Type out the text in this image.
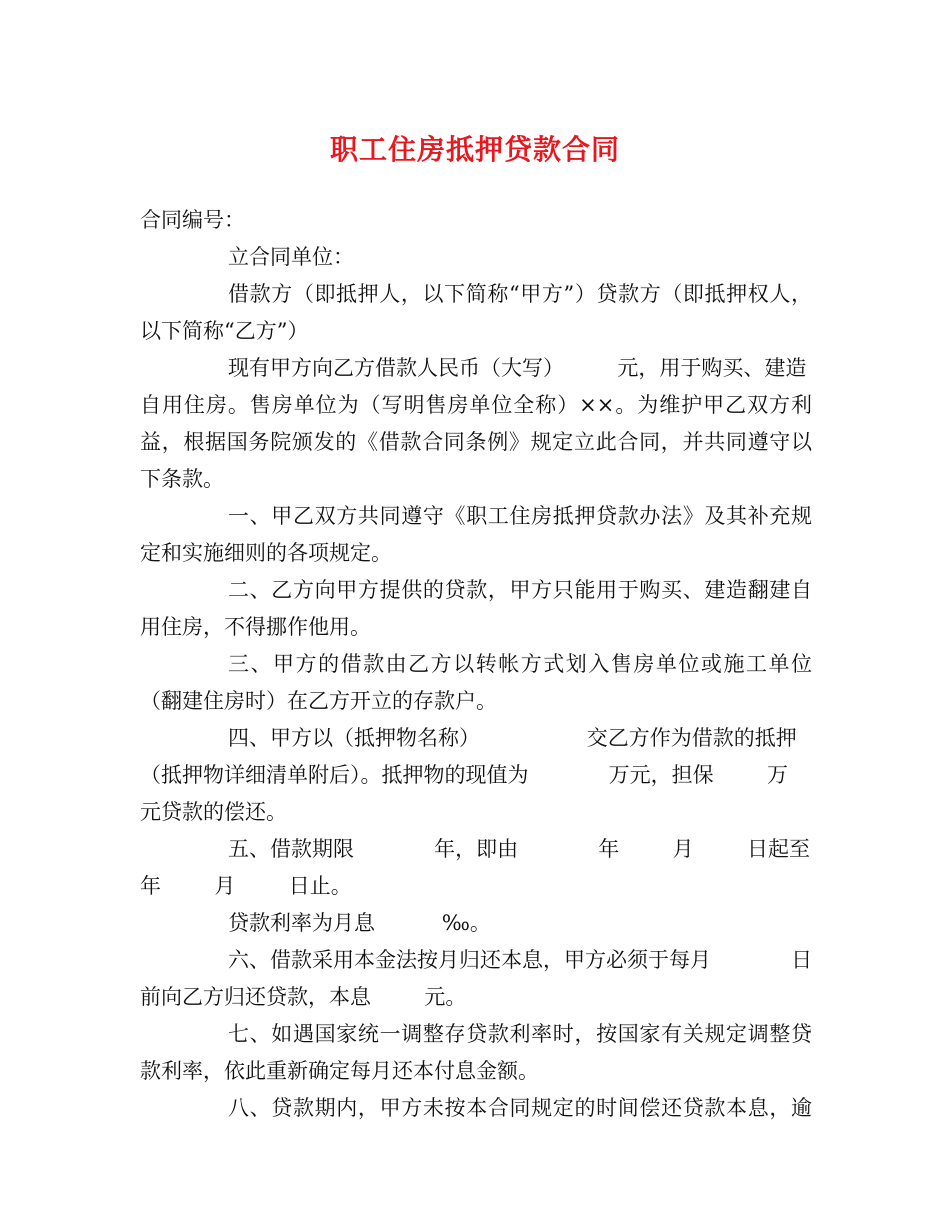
职工住房抵押贷款合同
合同编号：
立合同单位：
借款方（即抵押人，以下简称“甲方”）贷款方（即抵押权人，
以下简称“乙方”）
现有甲方向乙方借款人民币（大写）        元，用于购买、建造
自用住房。售房单位为（写明售房单位全称）××。为维护甲乙双方利
益，根据国务院颁发的《借款合同条例》规定立此合同，并共同遵守以
下条款。
一、甲乙双方共同遵守《职工住房抵押贷款办法》及其补充规
定和实施细则的各项规定。
二、乙方向甲方提供的贷款，甲方只能用于购买、建造翻建自
用住房，不得挪作他用。
三、甲方的借款由乙方以转帐方式划入售房单位或施工单位
（翻建住房时）在乙方开立的存款户。
四、甲方以（抵押物名称）                交乙方作为借款的抵押
（抵押物详细清单附后）。抵押物的现值为            万元，担保        万
元贷款的偿还。
五、借款期限            年，即由            年        月        日起至
年        月        日止。
贷款利率为月息          ‰。
六、借款采用本金法按月归还本息，甲方必须于每月            日
前向乙方归还贷款，本息        元。
七、如遇国家统一调整存贷款利率时，按国家有关规定调整贷
款利率，依此重新确定每月还本付息金额。
八、贷款期内，甲方未按本合同规定的时间偿还贷款本息，逾
